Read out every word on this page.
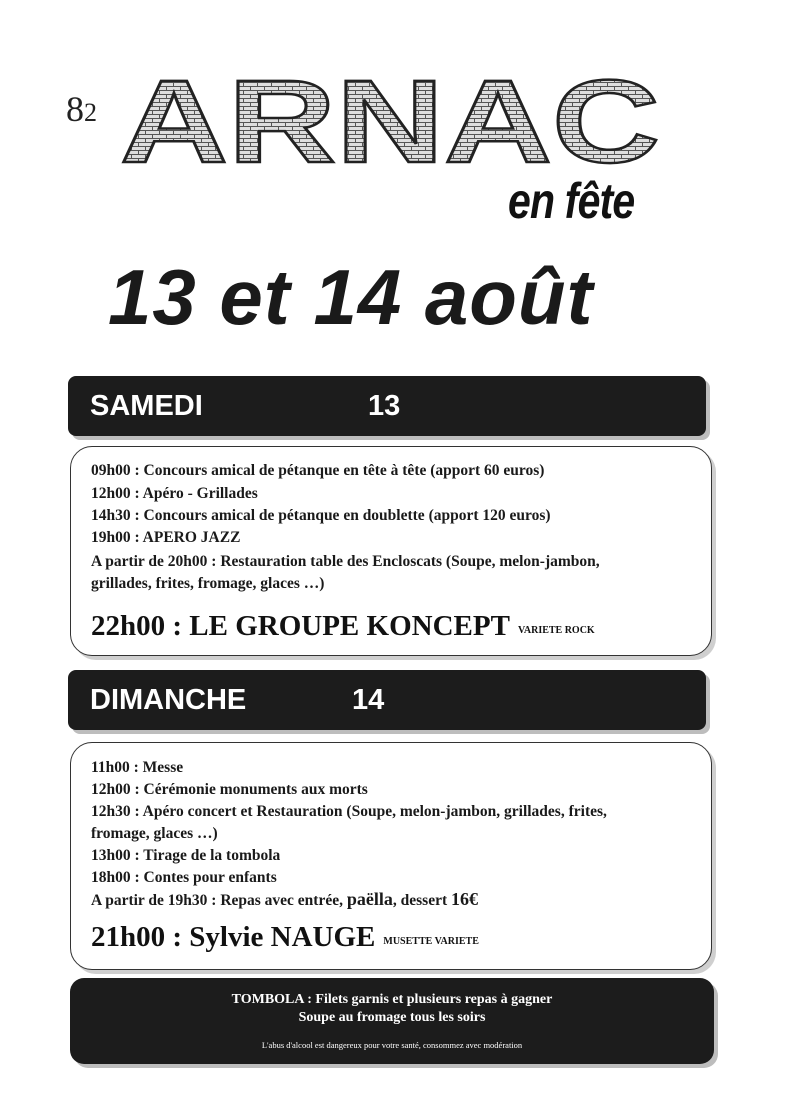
82 ARNAC
en fête
13 et 14 août
SAMEDI	13
09h00 : Concours amical de pétanque en tête à tête (apport 60 euros)
12h00 : Apéro - Grillades
14h30 : Concours amical de pétanque en doublette (apport 120 euros)
19h00 : APERO JAZZ
A partir de 20h00 : Restauration table des Encloscats (Soupe, melon-jambon,
grillades, frites, fromage, glaces …)
22h00 : LE GROUPE KONCEPT VARIETE ROCK
DIMANCHE	14
11h00 : Messe
12h00 : Cérémonie monuments aux morts
12h30 : Apéro concert et Restauration (Soupe, melon-jambon, grillades, frites,
fromage, glaces …)
13h00 : Tirage de la tombola
18h00 : Contes pour enfants
A partir de 19h30 : Repas avec entrée, paëlla, dessert 16€
21h00 : Sylvie NAUGE MUSETTE VARIETE
TOMBOLA : Filets garnis et plusieurs repas à gagner
Soupe au fromage tous les soirs
L'abus d'alcool est dangereux pour votre santé, consommez avec modération
